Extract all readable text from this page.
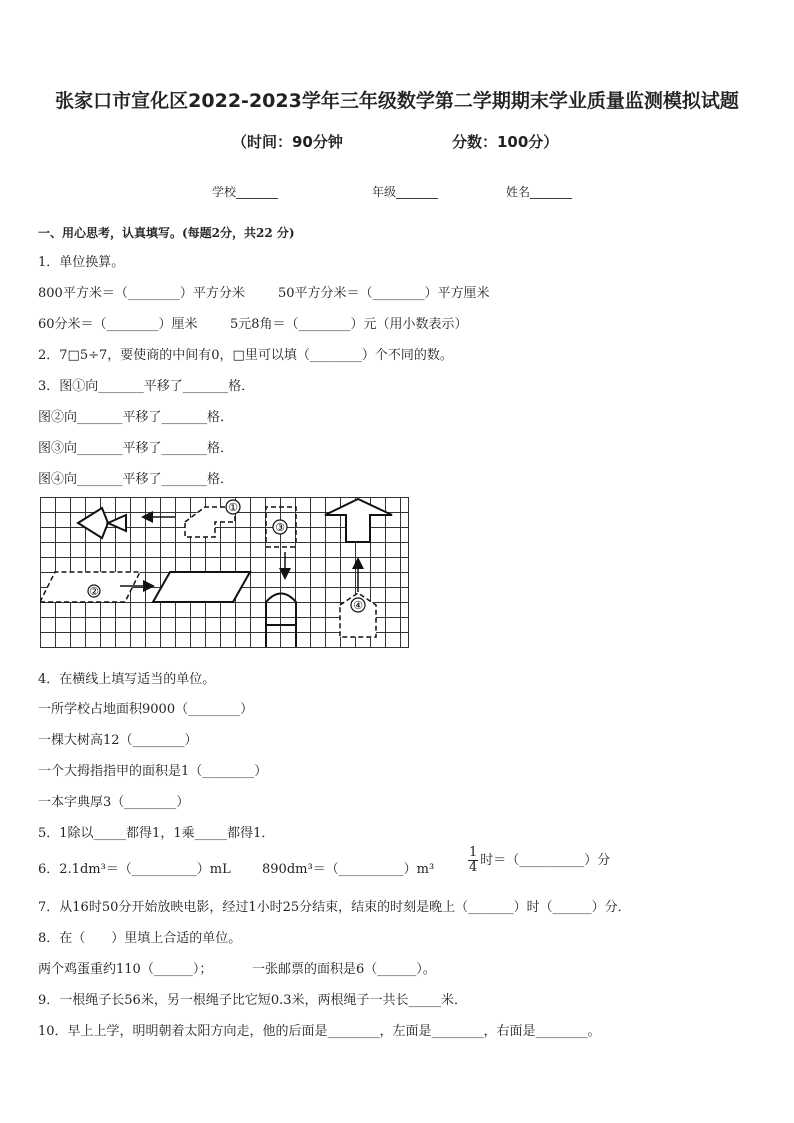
张家口市宣化区2022-2023学年三年级数学第二学期期末学业质量监测模拟试题
（时间：90分钟	分数：100分）
学校_______	年级_______	姓名_______
一、用心思考，认真填写。(每题2分，共22 分)
1．单位换算。
800平方米＝（________）平方分米	50平方分米＝（________）平方厘米
60分米＝（________）厘米 5元8角＝（________）元（用小数表示）
2．7□5÷7，要使商的中间有0，□里可以填（________）个不同的数。
3．图①向_______平移了_______格．
图②向_______平移了_______格．
图③向_______平移了_______格．
图④向_______平移了_______格．
①
②
③
④
4．在横线上填写适当的单位。
一所学校占地面积9000（________）
一棵大树高12（________）
一个大拇指指甲的面积是1（________）
一本字典厚3（________）
5．1除以_____都得1，1乘_____都得1．
6．2.1dm³＝（__________）mL 890dm³＝（__________）m³	$\frac{1}{4}$ 时＝（__________）分
7．从16时50分开始放映电影，经过1小时25分结束，结束的时刻是晚上（_______）时（______）分．
8．在（　　）里填上合适的单位。
两个鸡蛋重约110（______）；	一张邮票的面积是6（______）。
9．一根绳子长56米，另一根绳子比它短0.3米，两根绳子一共长_____米．
10．早上上学，明明朝着太阳方向走，他的后面是________，左面是________，右面是________。
